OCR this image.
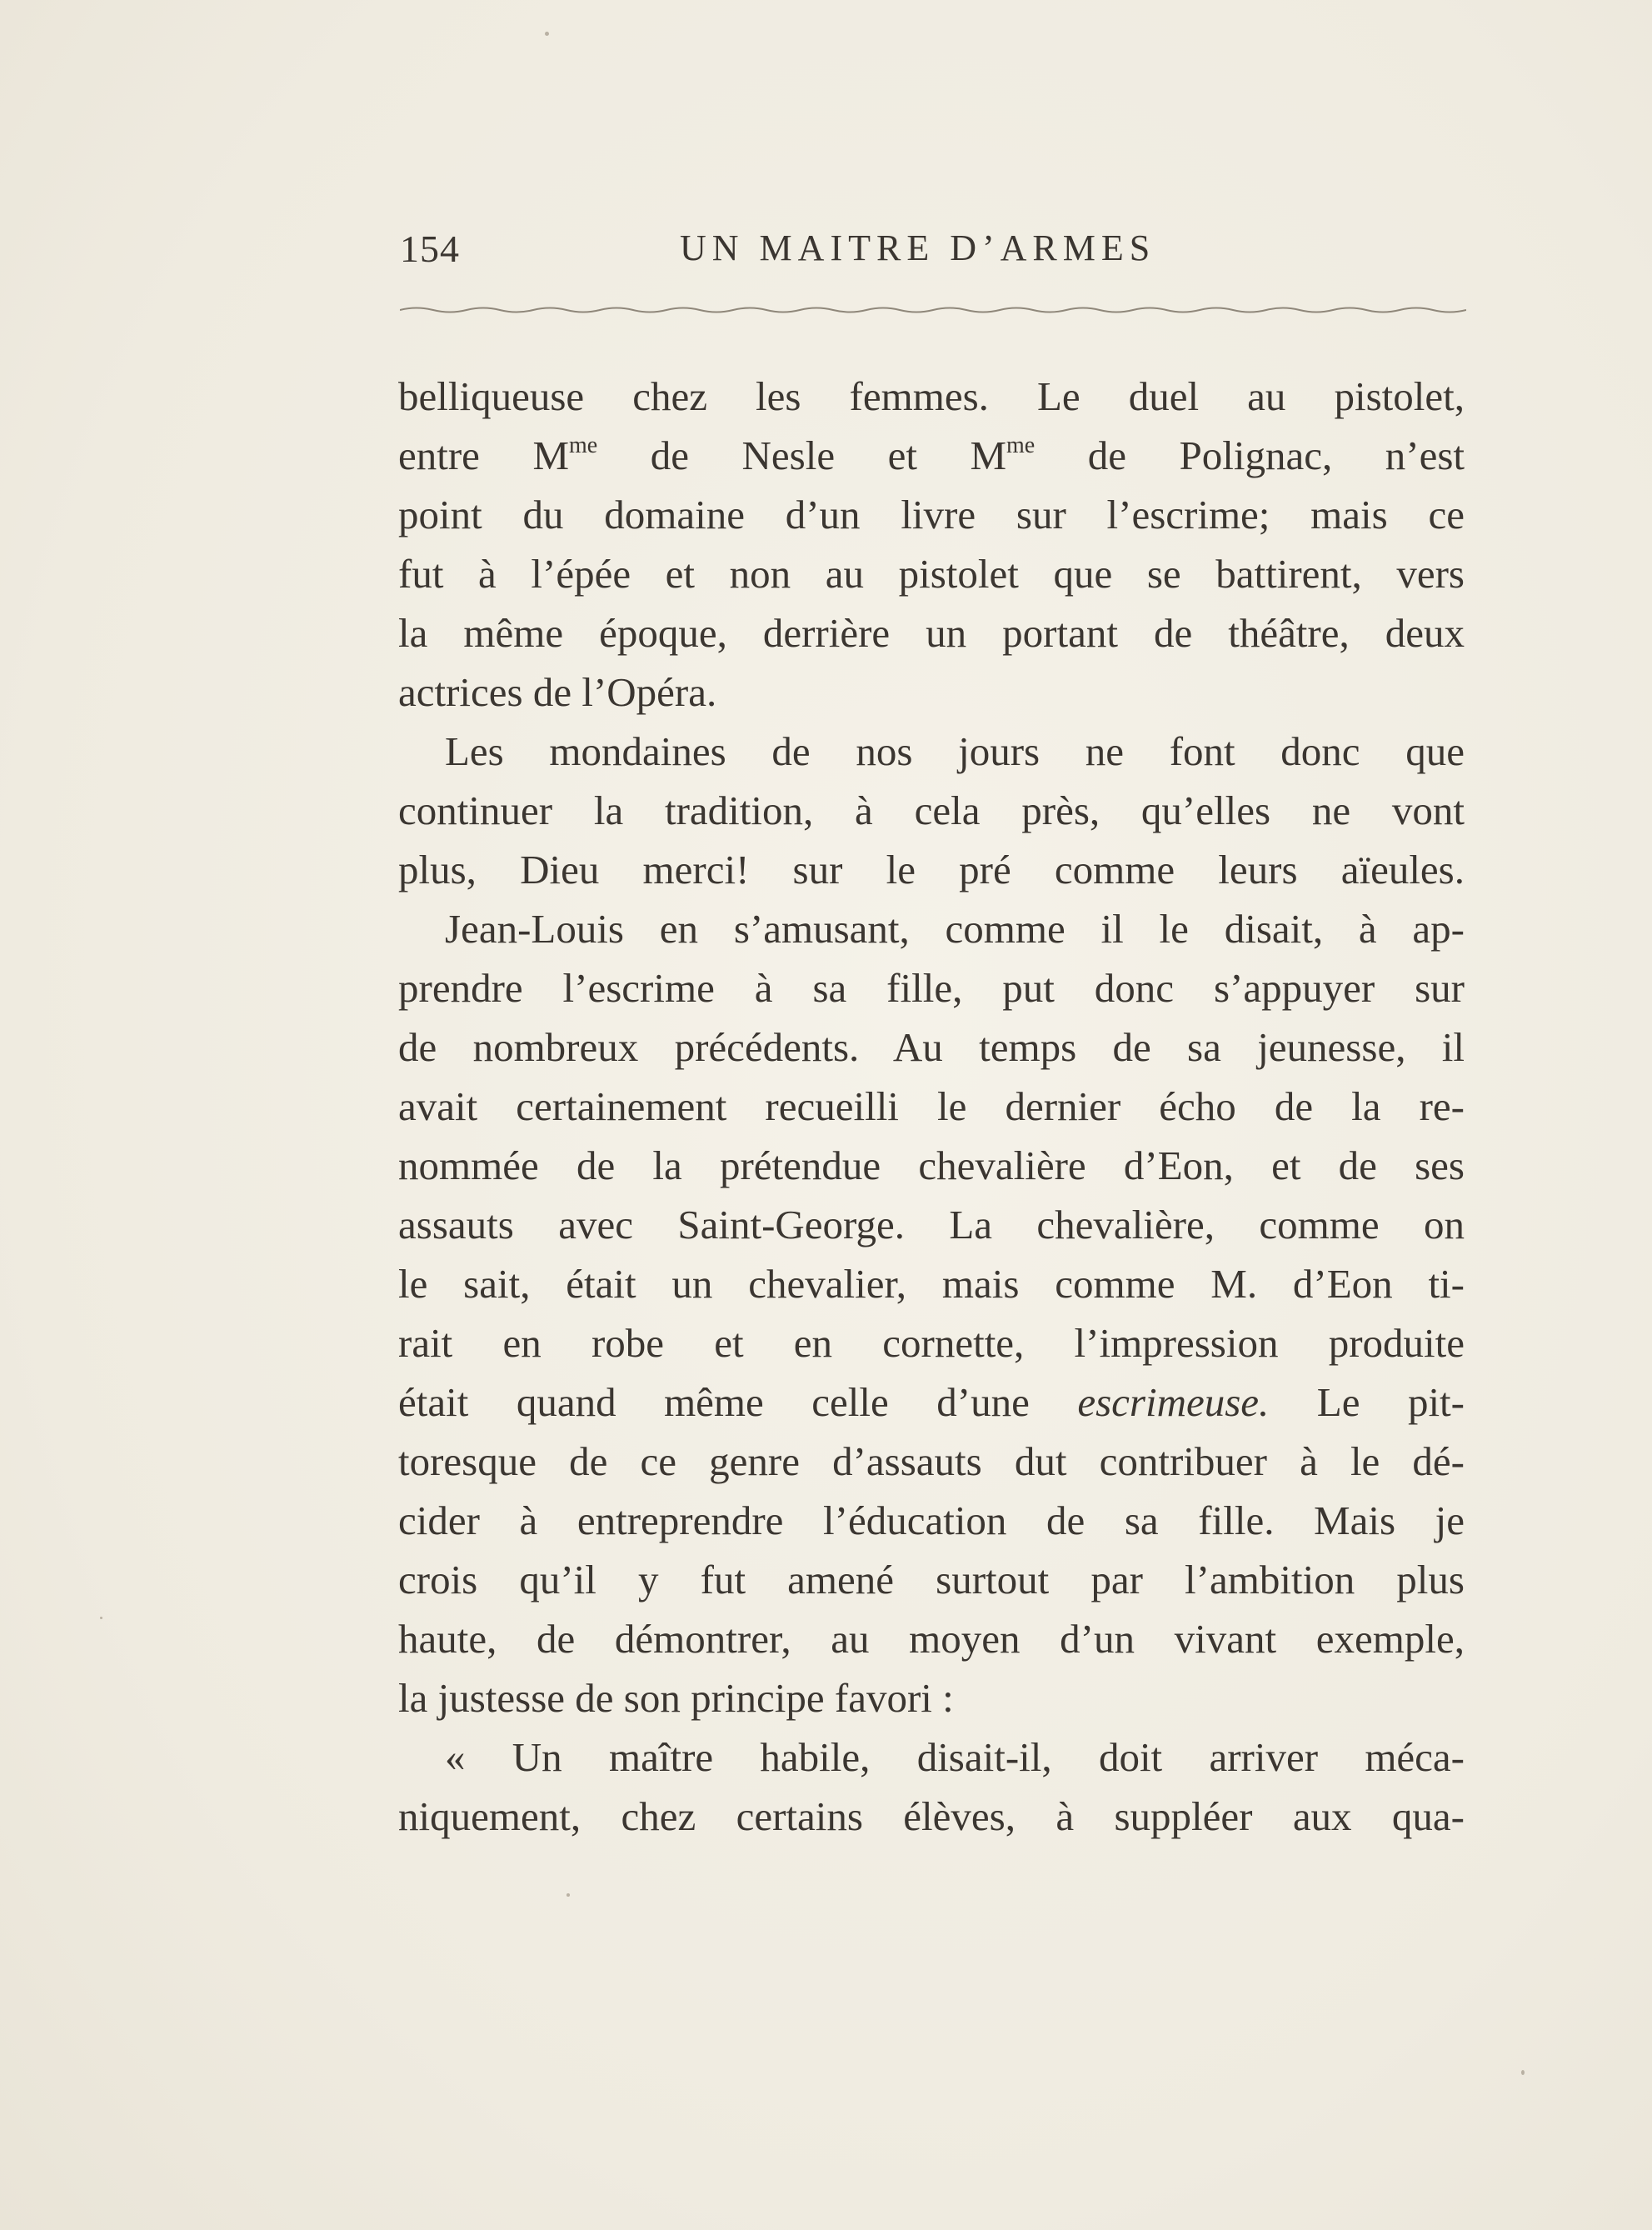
154	UN MAITRE D’ARMES
belliqueuse chez les femmes. Le duel au pistolet,
entre $M^{me}$ de Nesle et $M^{me}$ de Polignac, n’est
point du domaine d’un livre sur l’escrime; mais ce
fut à l’épée et non au pistolet que se battirent, vers
la même époque, derrière un portant de théâtre, deux
actrices de l’Opéra.
Les mondaines de nos jours ne font donc que
continuer la tradition, à cela près, qu’elles ne vont
plus, Dieu merci! sur le pré comme leurs aïeules.
Jean-Louis en s’amusant, comme il le disait, à ap-
prendre l’escrime à sa fille, put donc s’appuyer sur
de nombreux précédents. Au temps de sa jeunesse, il
avait certainement recueilli le dernier écho de la re-
nommée de la prétendue chevalière d’Eon, et de ses
assauts avec Saint-George. La chevalière, comme on
le sait, était un chevalier, mais comme M. d’Eon ti-
rait en robe et en cornette, l’impression produite
était quand même celle d’une escrimeuse. Le pit-
toresque de ce genre d’assauts dut contribuer à le dé-
cider à entreprendre l’éducation de sa fille. Mais je
crois qu’il y fut amené surtout par l’ambition plus
haute, de démontrer, au moyen d’un vivant exemple,
la justesse de son principe favori :
« Un maître habile, disait-il, doit arriver méca-
niquement, chez certains élèves, à suppléer aux qua-
